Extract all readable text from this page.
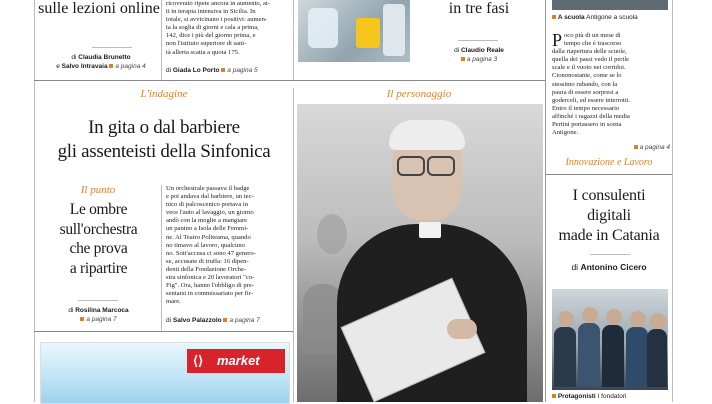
sulle lezioni online
di Claudia Brunetto
e Salvo Intravaia a pagina 4
ricoverato ripete ancora in aumento, at-
ti in terapia intensiva in Sicilia. In
totale, si avvicinano i positivi: aumen-
ta la soglia di giorni e cala a prima,
142, dice i più del giorno prima, e
non l'istituto superiore di sani-
tà allerta scatta a quota 175.
di Giada Lo Porto a pagina 5
in tre fasi
di Claudio Reale
a pagina 3
A scuola Antigone a scuola
P oco più di un mese di
tempo che è trascorso
dalla riapertura delle scuole,
quella dei passi vedo il perile
scale e il vuoto nei corridoi.
Ciononostante, come se lo
stessimo rubando, con la
paura di essere sorpresi a
goderceli, ed essere interrotti.
Entro il tempo necessario
affinché i ragazzi della media
Pertini portassero in scena
Antigone.
a pagina 4
L'indagine
In gita o dal barbiere
gli assenteisti della Sinfonica
Il punto
Le ombre
sull'orchestra
che prova
a ripartire
di Rosilina Marcoca
a pagina 7
Un orchestrale passava il badge
e poi andava dal barbiere, un tec-
nico di palcoscenico portava in
vece l'auto al lavaggio, un giorno
andò con la moglie a mangiare
un panino a Isola delle Femmi-
ne. Al Teatro Politeama, quando
no timavo al lavoro, qualcuno
no. Sott'accusa ci sono 47 genero-
se, accusate di truffa: 16 dipen-
denti della Fondazione Orche-
stra sinfonica e 20 lavoratori "co-
Fig". Ora, hanno l'obbligo di pre-
sentarsi in commissariato per fir-
mare.
di Salvo Palazzolo a pagina 7
Il personaggio
Innovazione e Lavoro
I consulenti
digitali
made in Catania
di Antonino Cicero
Protagonisti I fondatori
⟨⟩ market
